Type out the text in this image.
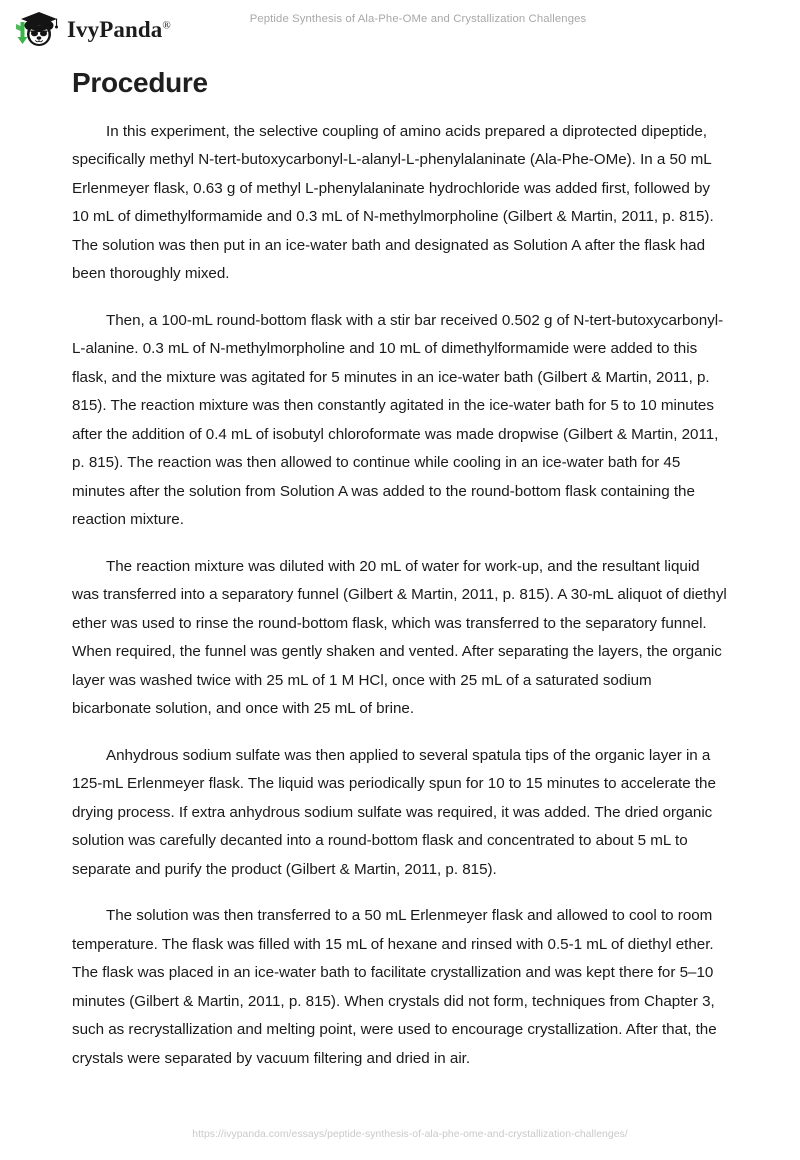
IvyPanda®	Peptide Synthesis of Ala-Phe-OMe and Crystallization Challenges
Procedure

In this experiment, the selective coupling of amino acids prepared a diprotected dipeptide, specifically methyl N-tert-butoxycarbonyl-L-alanyl-L-phenylalaninate (Ala-Phe-OMe). In a 50 mL Erlenmeyer flask, 0.63 g of methyl L-phenylalaninate hydrochloride was added first, followed by 10 mL of dimethylformamide and 0.3 mL of N-methylmorpholine (Gilbert & Martin, 2011, p. 815). The solution was then put in an ice-water bath and designated as Solution A after the flask had been thoroughly mixed.

Then, a 100-mL round-bottom flask with a stir bar received 0.502 g of N-tert-butoxycarbonyl-L-alanine. 0.3 mL of N-methylmorpholine and 10 mL of dimethylformamide were added to this flask, and the mixture was agitated for 5 minutes in an ice-water bath (Gilbert & Martin, 2011, p. 815). The reaction mixture was then constantly agitated in the ice-water bath for 5 to 10 minutes after the addition of 0.4 mL of isobutyl chloroformate was made dropwise (Gilbert & Martin, 2011, p. 815). The reaction was then allowed to continue while cooling in an ice-water bath for 45 minutes after the solution from Solution A was added to the round-bottom flask containing the reaction mixture.

The reaction mixture was diluted with 20 mL of water for work-up, and the resultant liquid was transferred into a separatory funnel (Gilbert & Martin, 2011, p. 815). A 30-mL aliquot of diethyl ether was used to rinse the round-bottom flask, which was transferred to the separatory funnel. When required, the funnel was gently shaken and vented. After separating the layers, the organic layer was washed twice with 25 mL of 1 M HCl, once with 25 mL of a saturated sodium bicarbonate solution, and once with 25 mL of brine.

Anhydrous sodium sulfate was then applied to several spatula tips of the organic layer in a 125-mL Erlenmeyer flask. The liquid was periodically spun for 10 to 15 minutes to accelerate the drying process. If extra anhydrous sodium sulfate was required, it was added. The dried organic solution was carefully decanted into a round-bottom flask and concentrated to about 5 mL to separate and purify the product (Gilbert & Martin, 2011, p. 815).

The solution was then transferred to a 50 mL Erlenmeyer flask and allowed to cool to room temperature. The flask was filled with 15 mL of hexane and rinsed with 0.5-1 mL of diethyl ether. The flask was placed in an ice-water bath to facilitate crystallization and was kept there for 5–10 minutes (Gilbert & Martin, 2011, p. 815). When crystals did not form, techniques from Chapter 3, such as recrystallization and melting point, were used to encourage crystallization. After that, the crystals were separated by vacuum filtering and dried in air.

https://ivypanda.com/essays/peptide-synthesis-of-ala-phe-ome-and-crystallization-challenges/
